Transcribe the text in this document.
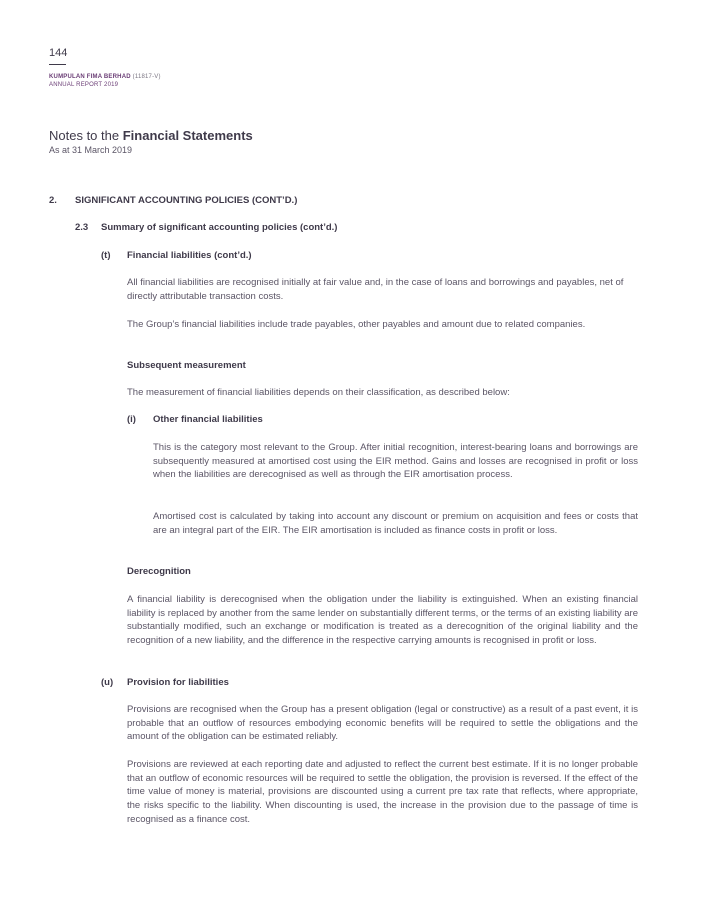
144
KUMPULAN FIMA BERHAD (11817-V)
ANNUAL REPORT 2019
Notes to the Financial Statements
As at 31 March 2019
2. SIGNIFICANT ACCOUNTING POLICIES (CONT’D.)
2.3 Summary of significant accounting policies (cont’d.)
(t) Financial liabilities (cont’d.)
All financial liabilities are recognised initially at fair value and, in the case of loans and borrowings and payables, net of directly attributable transaction costs.
The Group’s financial liabilities include trade payables, other payables and amount due to related companies.
Subsequent measurement
The measurement of financial liabilities depends on their classification, as described below:
(i) Other financial liabilities
This is the category most relevant to the Group. After initial recognition, interest-bearing loans and borrowings are subsequently measured at amortised cost using the EIR method. Gains and losses are recognised in profit or loss when the liabilities are derecognised as well as through the EIR amortisation process.
Amortised cost is calculated by taking into account any discount or premium on acquisition and fees or costs that are an integral part of the EIR. The EIR amortisation is included as finance costs in profit or loss.
Derecognition
A financial liability is derecognised when the obligation under the liability is extinguished. When an existing financial liability is replaced by another from the same lender on substantially different terms, or the terms of an existing liability are substantially modified, such an exchange or modification is treated as a derecognition of the original liability and the recognition of a new liability, and the difference in the respective carrying amounts is recognised in profit or loss.
(u) Provision for liabilities
Provisions are recognised when the Group has a present obligation (legal or constructive) as a result of a past event, it is probable that an outflow of resources embodying economic benefits will be required to settle the obligations and the amount of the obligation can be estimated reliably.
Provisions are reviewed at each reporting date and adjusted to reflect the current best estimate. If it is no longer probable that an outflow of economic resources will be required to settle the obligation, the provision is reversed. If the effect of the time value of money is material, provisions are discounted using a current pre tax rate that reflects, where appropriate, the risks specific to the liability. When discounting is used, the increase in the provision due to the passage of time is recognised as a finance cost.
